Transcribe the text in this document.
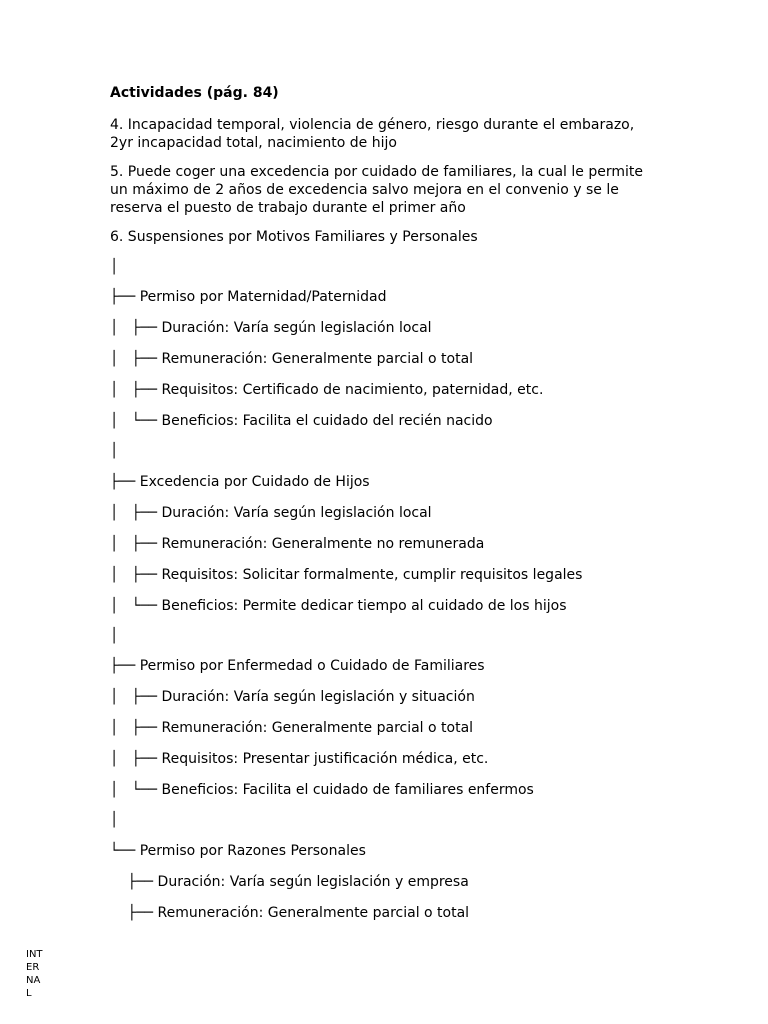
Actividades (pág. 84)
4. Incapacidad temporal, violencia de género, riesgo durante el embarazo,
2yr incapacidad total, nacimiento de hijo
5. Puede coger una excedencia por cuidado de familiares, la cual le permite
un máximo de 2 años de excedencia salvo mejora en el convenio y se le
reserva el puesto de trabajo durante el primer año
6. Suspensiones por Motivos Familiares y Personales
│
├── Permiso por Maternidad/Paternidad
│   ├── Duración: Varía según legislación local
│   ├── Remuneración: Generalmente parcial o total
│   ├── Requisitos: Certificado de nacimiento, paternidad, etc.
│   └── Beneficios: Facilita el cuidado del recién nacido
│
├── Excedencia por Cuidado de Hijos
│   ├── Duración: Varía según legislación local
│   ├── Remuneración: Generalmente no remunerada
│   ├── Requisitos: Solicitar formalmente, cumplir requisitos legales
│   └── Beneficios: Permite dedicar tiempo al cuidado de los hijos
│
├── Permiso por Enfermedad o Cuidado de Familiares
│   ├── Duración: Varía según legislación y situación
│   ├── Remuneración: Generalmente parcial o total
│   ├── Requisitos: Presentar justificación médica, etc.
│   └── Beneficios: Facilita el cuidado de familiares enfermos
│
└── Permiso por Razones Personales
├── Duración: Varía según legislación y empresa
├── Remuneración: Generalmente parcial o total
INT
ER
NA
L
